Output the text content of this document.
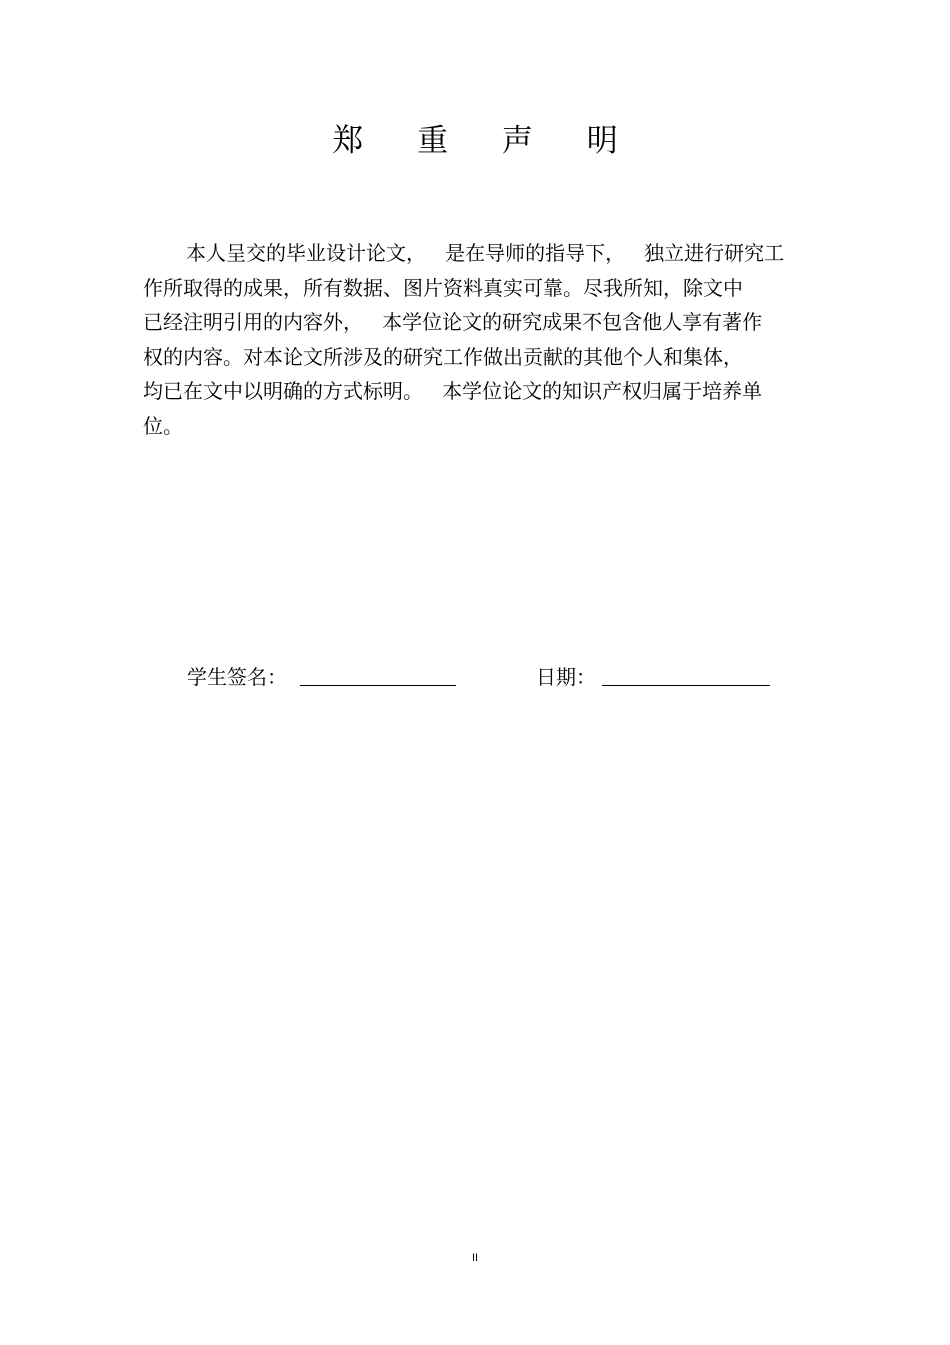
郑 重 声 明
本人呈交的毕业设计论文，   是在导师的指导下，   独立进行研究工
作所取得的成果，所有数据、图片资料真实可靠。尽我所知，除文中
已经注明引用的内容外，   本学位论文的研究成果不包含他人享有著作
权的内容。对本论文所涉及的研究工作做出贡献的其他个人和集体，
均已在文中以明确的方式标明。   本学位论文的知识产权归属于培养单
位。
学生签名：	日期：
II
